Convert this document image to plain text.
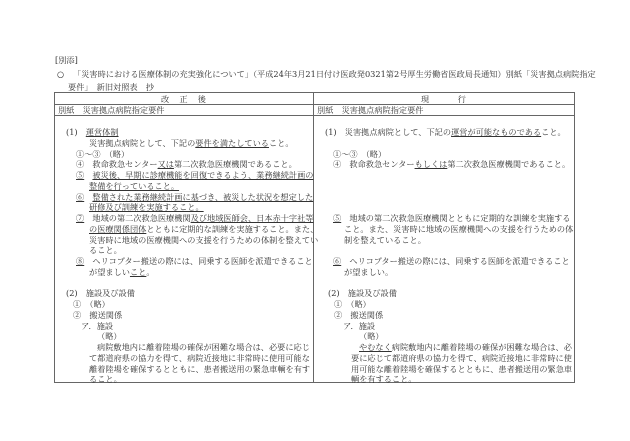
[別添]
○ 「災害時における医療体制の充実強化について」（平成24年3月21日付け医政発0321第2号厚生労働省医政局長通知）別紙「災害拠点病院指定
要件」　新旧対照表　抄
改　正　後	現　　　行
別紙　災害拠点病院指定要件	別紙　災害拠点病院指定要件
(1)　運営体制
災害拠点病院として、下記の要件を満たしていること。
①～③　（略）
④　救命救急センター又は第二次救急医療機関であること。
⑤　 被災後、早期に診療機能を回復できるよう、業務継続計画の
整備を行っていること。
⑥　 整備された業務継続計画に基づき、被災した状況を想定した
研修及び訓練を実施すること。
⑦　地域の第二次救急医療機関及び地域医師会、日本赤十字社等
の医療関係団体とともに定期的な訓練を実施すること。また、
災害時に地域の医療機関への支援を行うための体制を整えてい
ること。
⑧　ヘリコプター搬送の際には、同乗する医師を派遣できること
が望ましいこと。
(2)　施設及び設備
①　（略）
②　搬送関係
ア．施設
（略）
病院敷地内に離着陸場の確保が困難な場合は、必要に応じ
て都道府県の協力を得て、病院近接地に非常時に使用可能な
離着陸場を確保するとともに、患者搬送用の緊急車輌を有す
ること。
(1)　災害拠点病院として、下記の運営が可能なものであること。
①～③　（略）
④　救命救急センターもしくは第二次救急医療機関であること。
⑤　地域の第二次救急医療機関とともに定期的な訓練を実施する
こと。また、災害時に地域の医療機関への支援を行うための体
制を整えていること。
⑥　ヘリコプター搬送の際には、同乗する医師を派遣できること
が望ましい。
(2)　施設及び設備
①　（略）
②　搬送関係
ア．施設
（略）
やむなく病院敷地内に離着陸場の確保が困難な場合は、必
要に応じて都道府県の協力を得て、病院近接地に非常時に使
用可能な離着陸場を確保するとともに、患者搬送用の緊急車
輌を有すること。
